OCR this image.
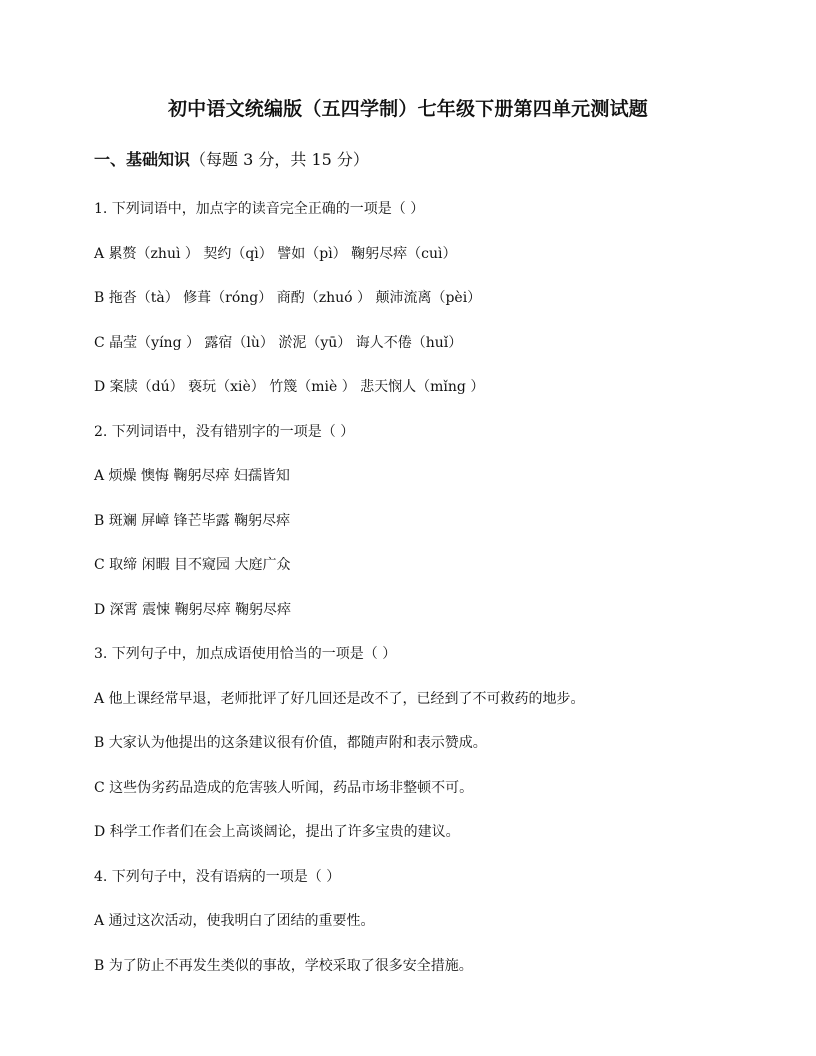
初中语文统编版（五四学制）七年级下册第四单元测试题
一、基础知识（每题 3 分，共 15 分）
1. 下列词语中，加点字的读音完全正确的一项是（ ）
A 累赘（zhuì ） 契约（qì） 譬如（pì） 鞠躬尽瘁（cuì）
B 拖沓（tà） 修葺（róng） 商酌（zhuó ） 颠沛流离（pèi）
C 晶莹（yíng ） 露宿（lù） 淤泥（yū） 诲人不倦（huǐ）
D 案牍（dú） 亵玩（xiè） 竹篾（miè ） 悲天悯人（mǐng ）
2. 下列词语中，没有错别字的一项是（ ）
A 烦燥 懊悔 鞠躬尽瘁 妇孺皆知
B 斑斓 屏嶂 锋芒毕露 鞠躬尽瘁
C 取缔 闲暇 目不窥园 大庭广众
D 深霄 震悚 鞠躬尽瘁 鞠躬尽瘁
3. 下列句子中，加点成语使用恰当的一项是（ ）
A 他上课经常早退，老师批评了好几回还是改不了，已经到了不可救药的地步。
B 大家认为他提出的这条建议很有价值，都随声附和表示赞成。
C 这些伪劣药品造成的危害骇人听闻，药品市场非整顿不可。
D 科学工作者们在会上高谈阔论，提出了许多宝贵的建议。
4. 下列句子中，没有语病的一项是（ ）
A 通过这次活动，使我明白了团结的重要性。
B 为了防止不再发生类似的事故，学校采取了很多安全措施。
